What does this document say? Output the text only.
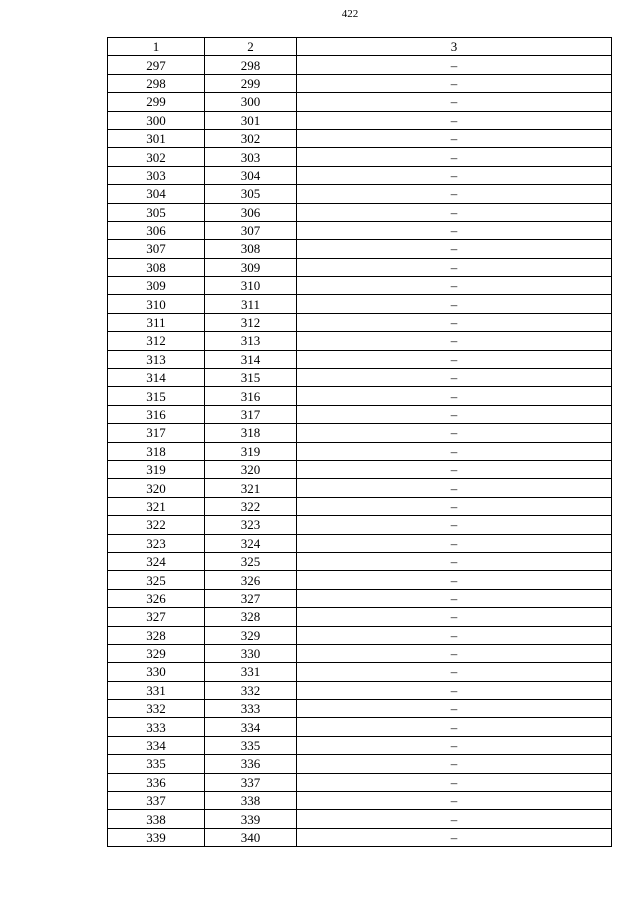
422
1	2	3
297	298	–
298	299	–
299	300	–
300	301	–
301	302	–
302	303	–
303	304	–
304	305	–
305	306	–
306	307	–
307	308	–
308	309	–
309	310	–
310	311	–
311	312	–
312	313	–
313	314	–
314	315	–
315	316	–
316	317	–
317	318	–
318	319	–
319	320	–
320	321	–
321	322	–
322	323	–
323	324	–
324	325	–
325	326	–
326	327	–
327	328	–
328	329	–
329	330	–
330	331	–
331	332	–
332	333	–
333	334	–
334	335	–
335	336	–
336	337	–
337	338	–
338	339	–
339	340	–
